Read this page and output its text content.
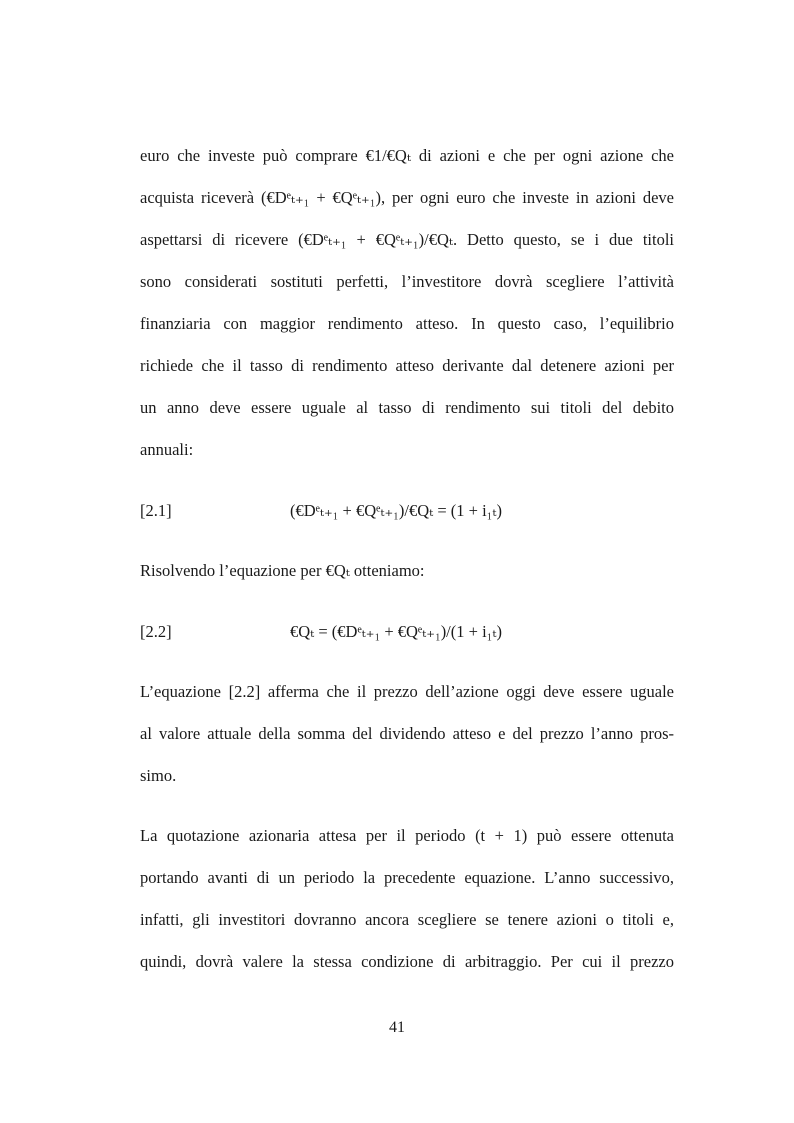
euro che investe può comprare €1/€Qₜ di azioni e che per ogni azione che
acquista riceverà (€Dᵉₜ₊₁ + €Qᵉₜ₊₁), per ogni euro che investe in azioni deve
aspettarsi di ricevere (€Dᵉₜ₊₁ + €Qᵉₜ₊₁)/€Qₜ. Detto questo, se i due titoli
sono considerati sostituti perfetti, l’investitore dovrà scegliere l’attività
finanziaria con maggior rendimento atteso. In questo caso, l’equilibrio
richiede che il tasso di rendimento atteso derivante dal detenere azioni per
un anno deve essere uguale al tasso di rendimento sui titoli del debito
annuali:
[2.1]	(€Dᵉₜ₊₁ + €Qᵉₜ₊₁)/€Qₜ = (1 + i₁ₜ)
Risolvendo l’equazione per €Qₜ otteniamo:
[2.2]	€Qₜ = (€Dᵉₜ₊₁ + €Qᵉₜ₊₁)/(1 + i₁ₜ)
L’equazione [2.2] afferma che il prezzo dell’azione oggi deve essere uguale
al valore attuale della somma del dividendo atteso e del prezzo l’anno pros-
simo.
La quotazione azionaria attesa per il periodo (t + 1) può essere ottenuta
portando avanti di un periodo la precedente equazione. L’anno successivo,
infatti, gli investitori dovranno ancora scegliere se tenere azioni o titoli e,
quindi, dovrà valere la stessa condizione di arbitraggio. Per cui il prezzo
41
